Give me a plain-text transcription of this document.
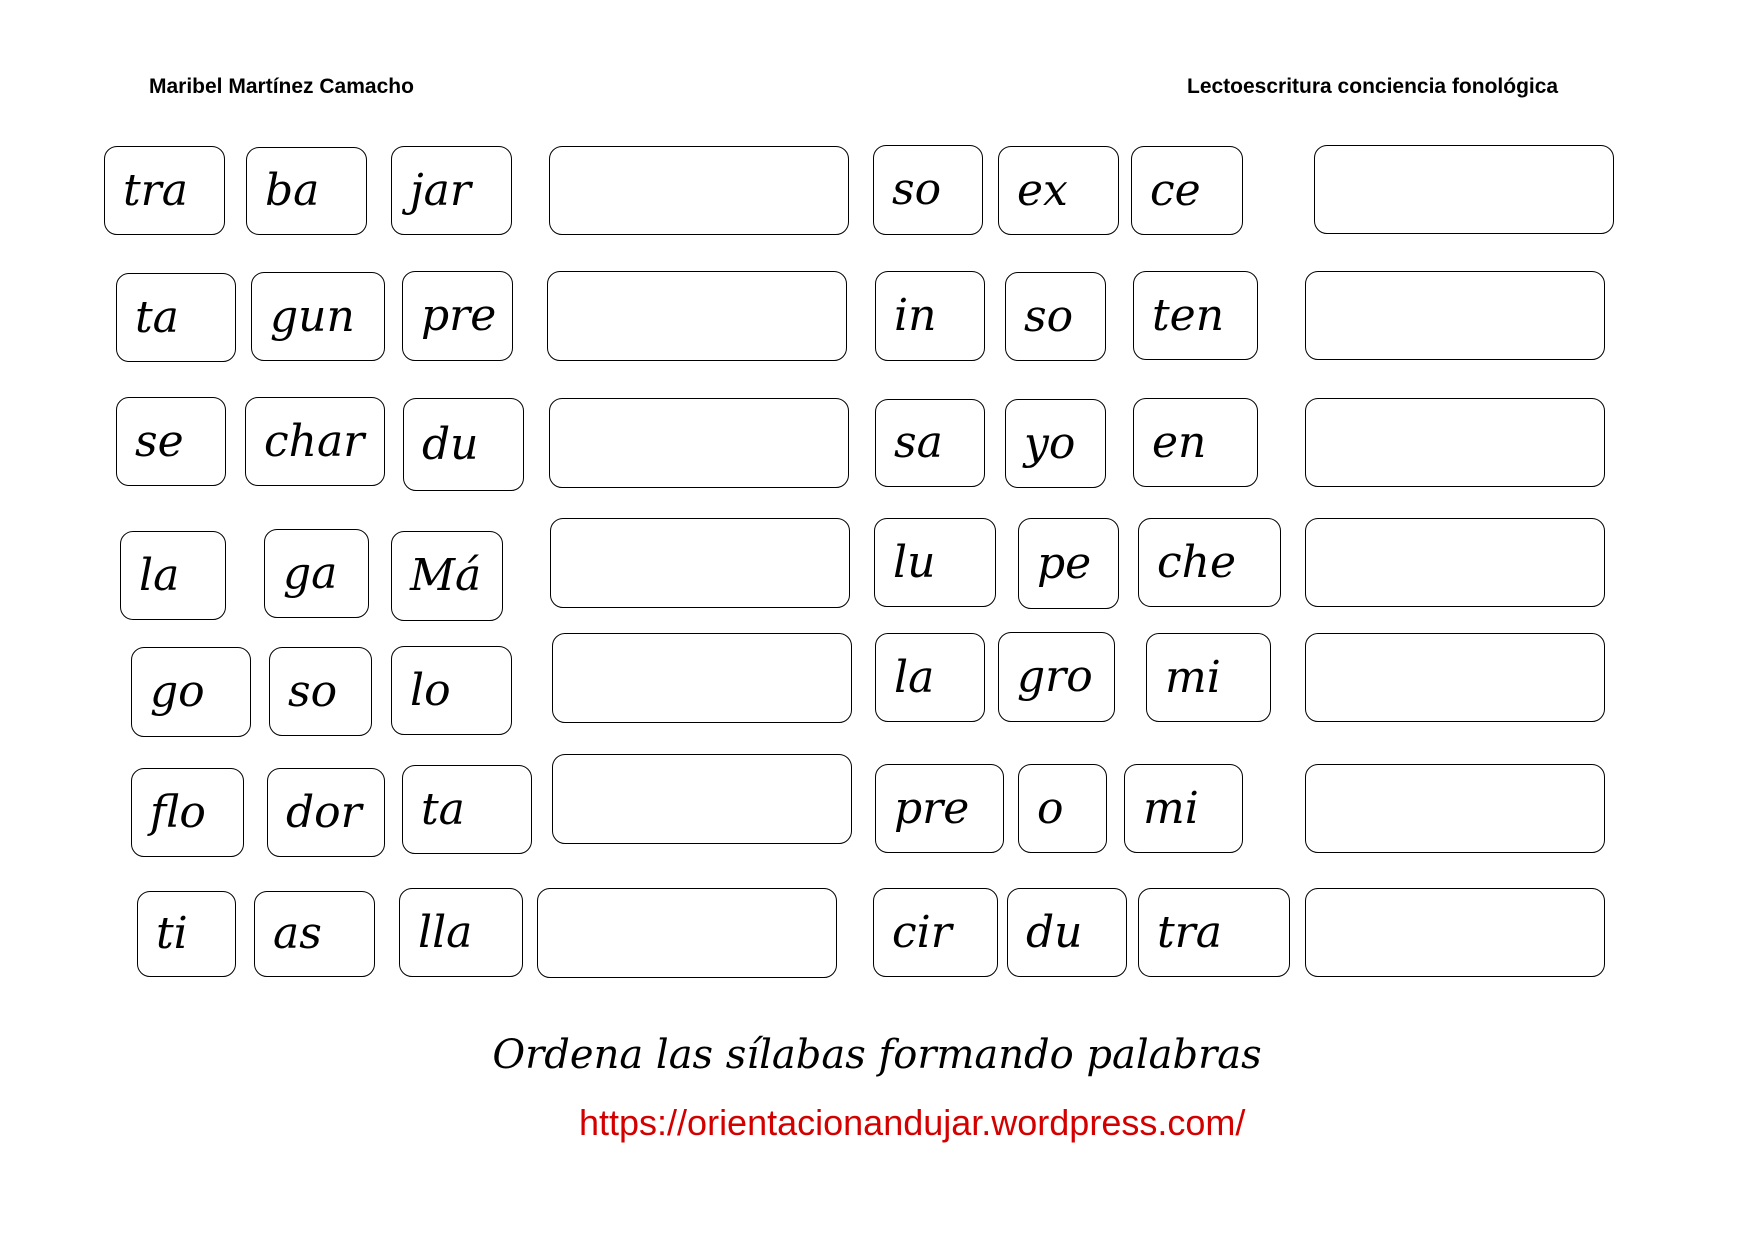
Maribel Martínez Camacho	Lectoescritura conciencia fonológica
tra	ba	jar	so	ex	ce
ta	gun	pre	in	so	ten
se	char	du	sa	yo	en
la	ga	Má	lu	pe	che
go	so	lo	la	gro	mi
flo	dor	ta	pre	o	mi
ti	as	lla	cir	du	tra
Ordena las sílabas formando palabras
https://orientacionandujar.wordpress.com/
